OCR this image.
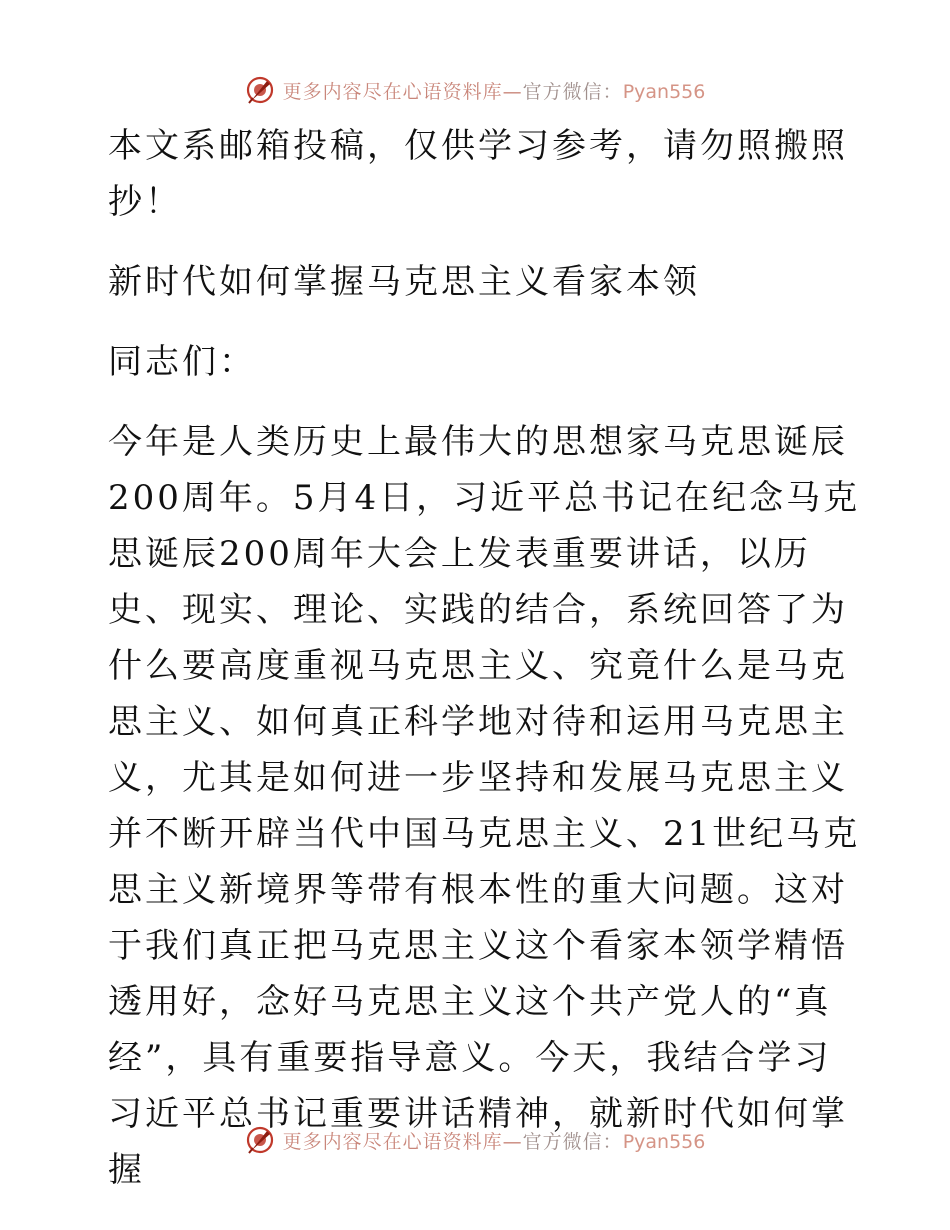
更多内容尽在心语资料库—官方微信：Pyan556

本文系邮箱投稿，仅供学习参考，请勿照搬照抄！

新时代如何掌握马克思主义看家本领

同志们：

今年是人类历史上最伟大的思想家马克思诞辰200周年。5月4日，习近平总书记在纪念马克思诞辰200周年大会上发表重要讲话，以历史、现实、理论、实践的结合，系统回答了为什么要高度重视马克思主义、究竟什么是马克思主义、如何真正科学地对待和运用马克思主义，尤其是如何进一步坚持和发展马克思主义并不断开辟当代中国马克思主义、21世纪马克思主义新境界等带有根本性的重大问题。这对于我们真正把马克思主义这个看家本领学精悟透用好，念好马克思主义这个共产党人的“真经”，具有重要指导意义。今天，我结合学习习近平总书记重要讲话精神，就新时代如何掌握

更多内容尽在心语资料库—官方微信：Pyan556
